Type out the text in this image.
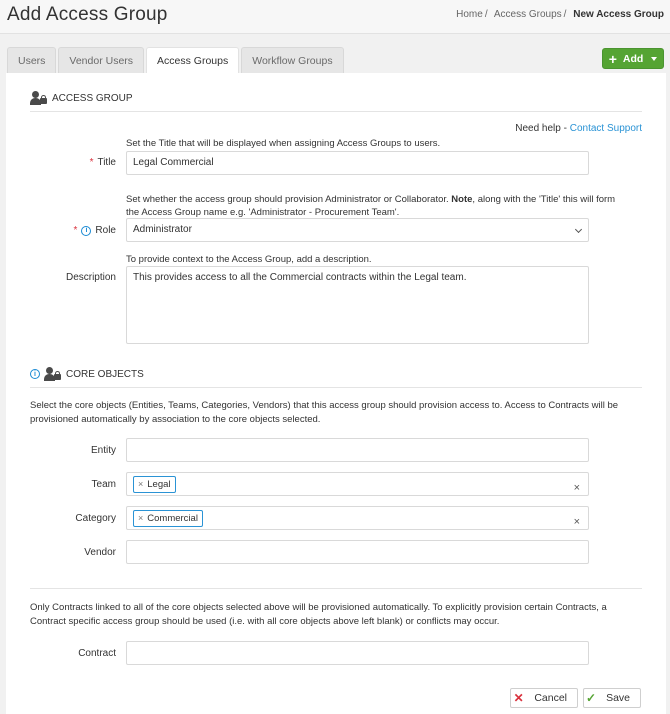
Add Access Group	Home / Access Groups / New Access Group
Users	Vendor Users	Access Groups	Workflow Groups	+ Add
ACCESS GROUP
Need help - Contact Support
Set the Title that will be displayed when assigning Access Groups to users.
* Title	Legal Commercial
Set whether the access group should provision Administrator or Collaborator. Note, along with the 'Title' this will form the Access Group name e.g. 'Administrator - Procurement Team'.
*	i Role	Administrator
To provide context to the Access Group, add a description.
Description	This provides access to all the Commercial contracts within the Legal team.
i	CORE OBJECTS
Select the core objects (Entities, Teams, Categories, Vendors) that this access group should provision access to. Access to Contracts will be provisioned automatically by association to the core objects selected.
Entity
Team × Legal	×
Category × Commercial	×
Vendor
Only Contracts linked to all of the core objects selected above will be provisioned automatically. To explicitly provision certain Contracts, a Contract specific access group should be used (i.e. with all core objects above left blank) or conflicts may occur.
Contract
✕	Cancel	✓ Save
